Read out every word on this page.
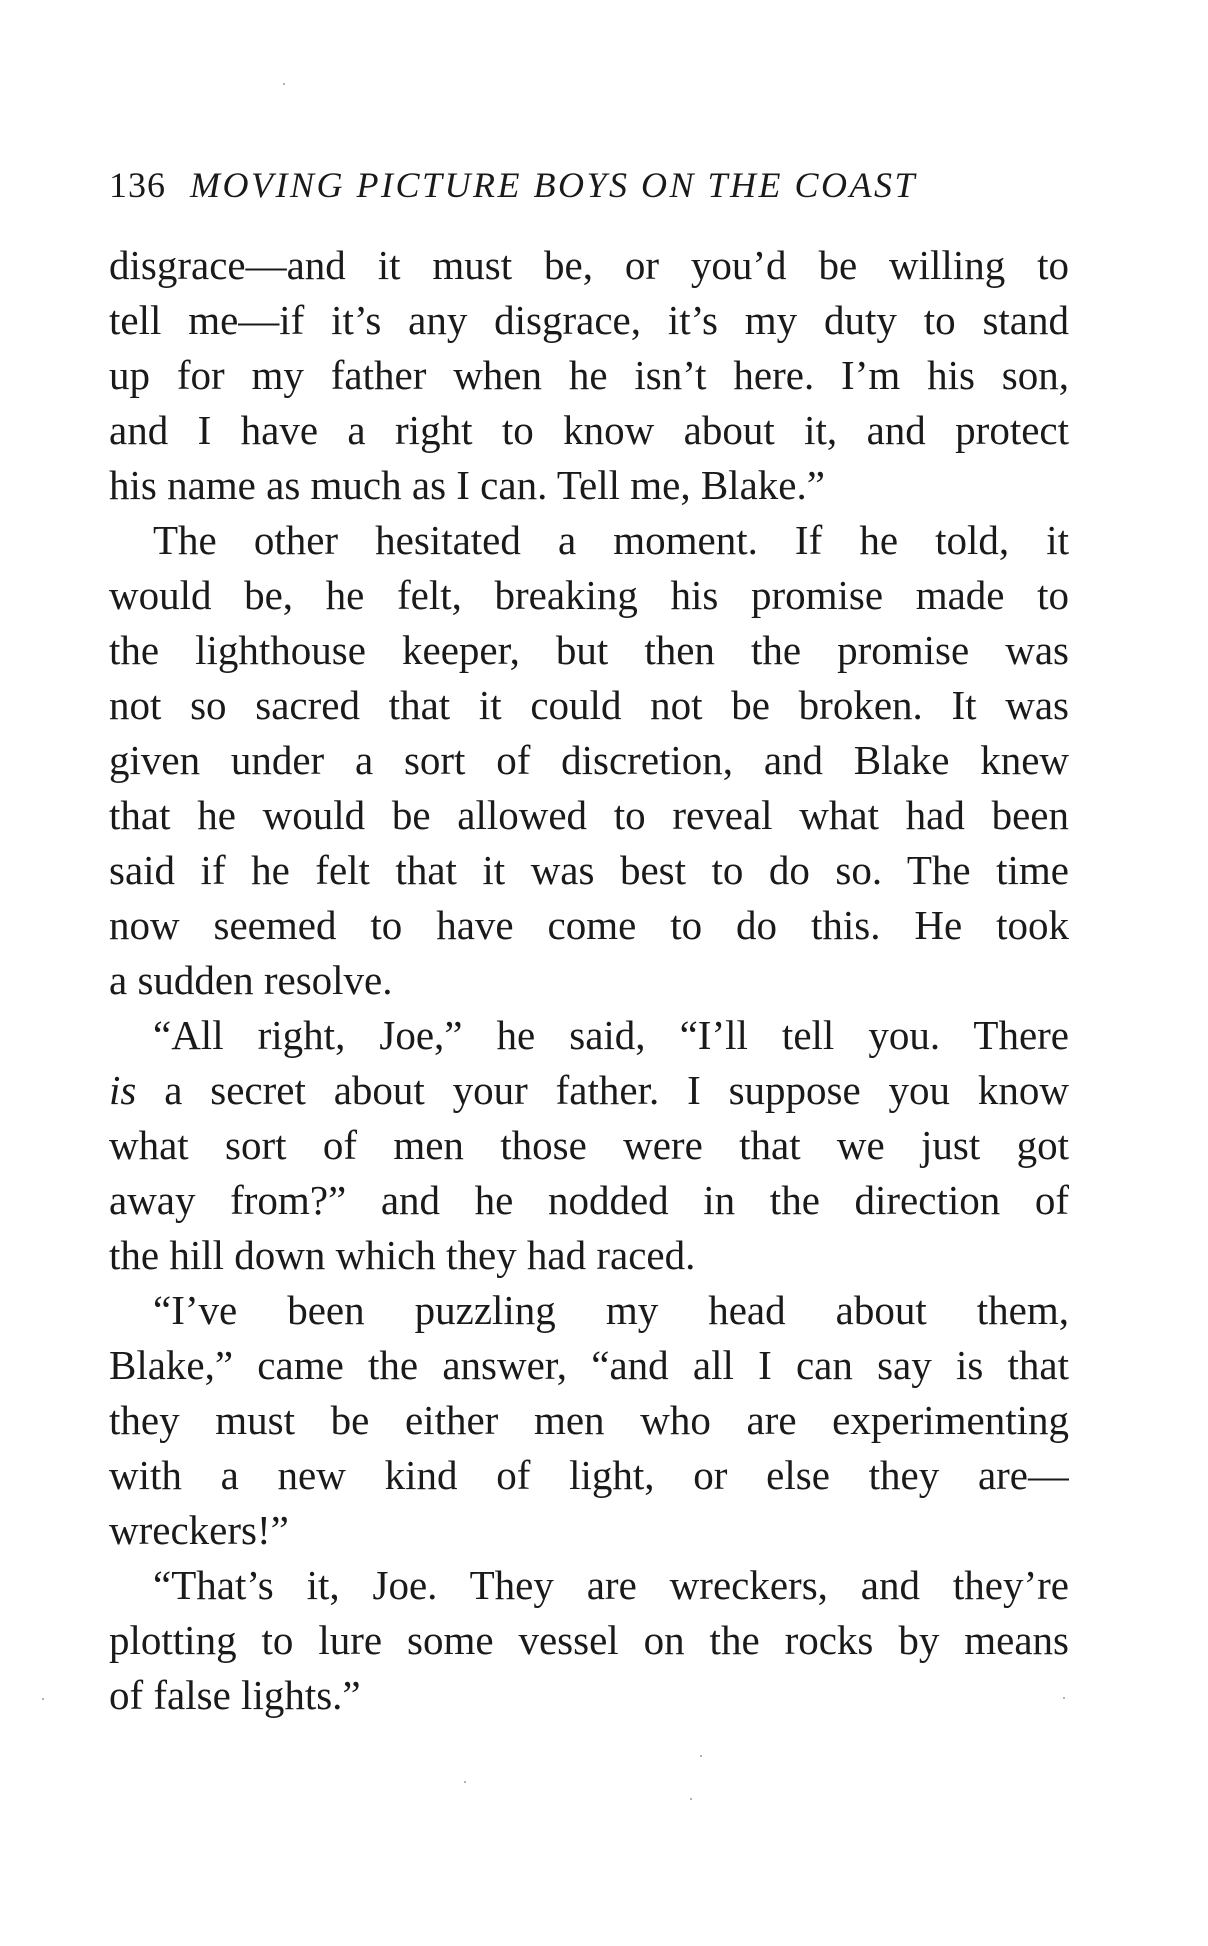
136 MOVING PICTURE BOYS ON THE COAST
disgrace—and it must be, or you’d be willing to
tell me—if it’s any disgrace, it’s my duty to stand
up for my father when he isn’t here. I’m his son,
and I have a right to know about it, and protect
his name as much as I can. Tell me, Blake.”
The other hesitated a moment. If he told, it
would be, he felt, breaking his promise made to
the lighthouse keeper, but then the promise was
not so sacred that it could not be broken. It was
given under a sort of discretion, and Blake knew
that he would be allowed to reveal what had been
said if he felt that it was best to do so. The time
now seemed to have come to do this. He took
a sudden resolve.
“All right, Joe,” he said, “I’ll tell you. There
is a secret about your father. I suppose you know
what sort of men those were that we just got
away from?” and he nodded in the direction of
the hill down which they had raced.
“I’ve been puzzling my head about them,
Blake,” came the answer, “and all I can say is that
they must be either men who are experimenting
with a new kind of light, or else they are—
wreckers!”
“That’s it, Joe. They are wreckers, and they’re
plotting to lure some vessel on the rocks by means
of false lights.”
